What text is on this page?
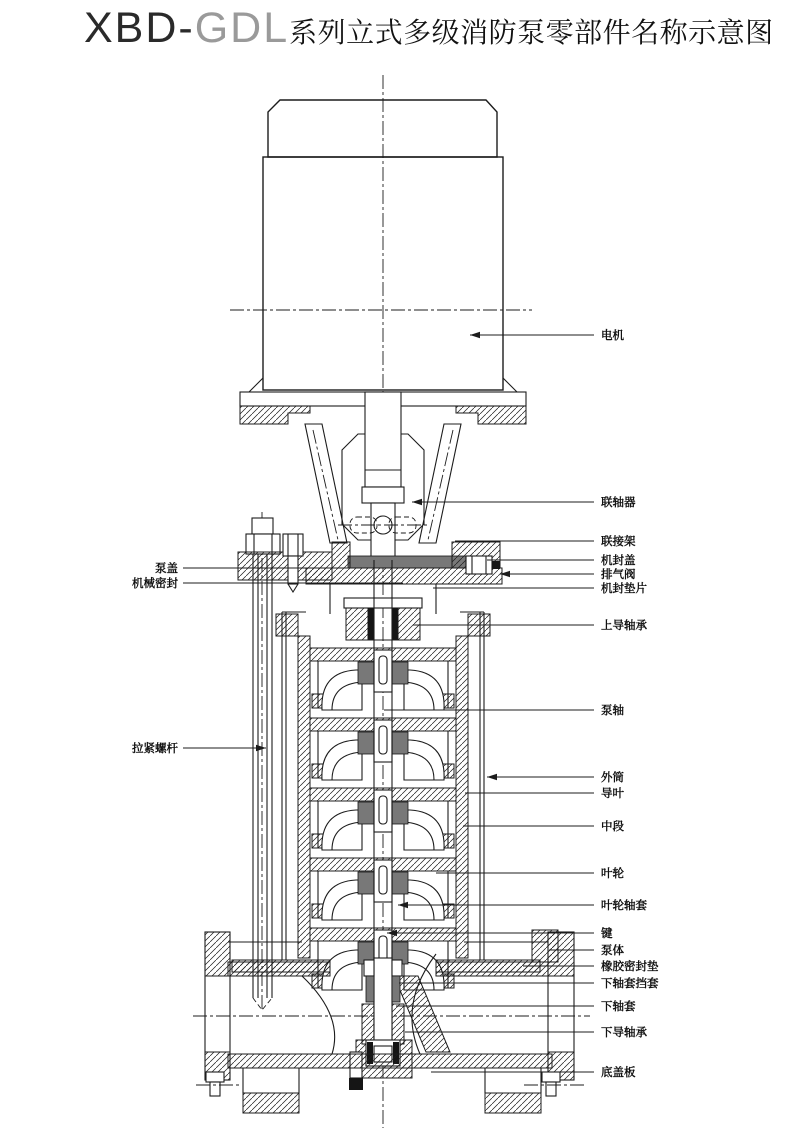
XBD- GDL 系列立式多级消防泵零部件名称示意图
电机
联轴器
联接架
机封盖
排气阀
机封垫片
上导轴承
泵轴
外筒
导叶
中段
叶轮
叶轮轴套
键
泵体
橡胶密封垫
下轴套挡套
下轴套
下导轴承
底盖板
泵盖
机械密封
拉紧螺杆
